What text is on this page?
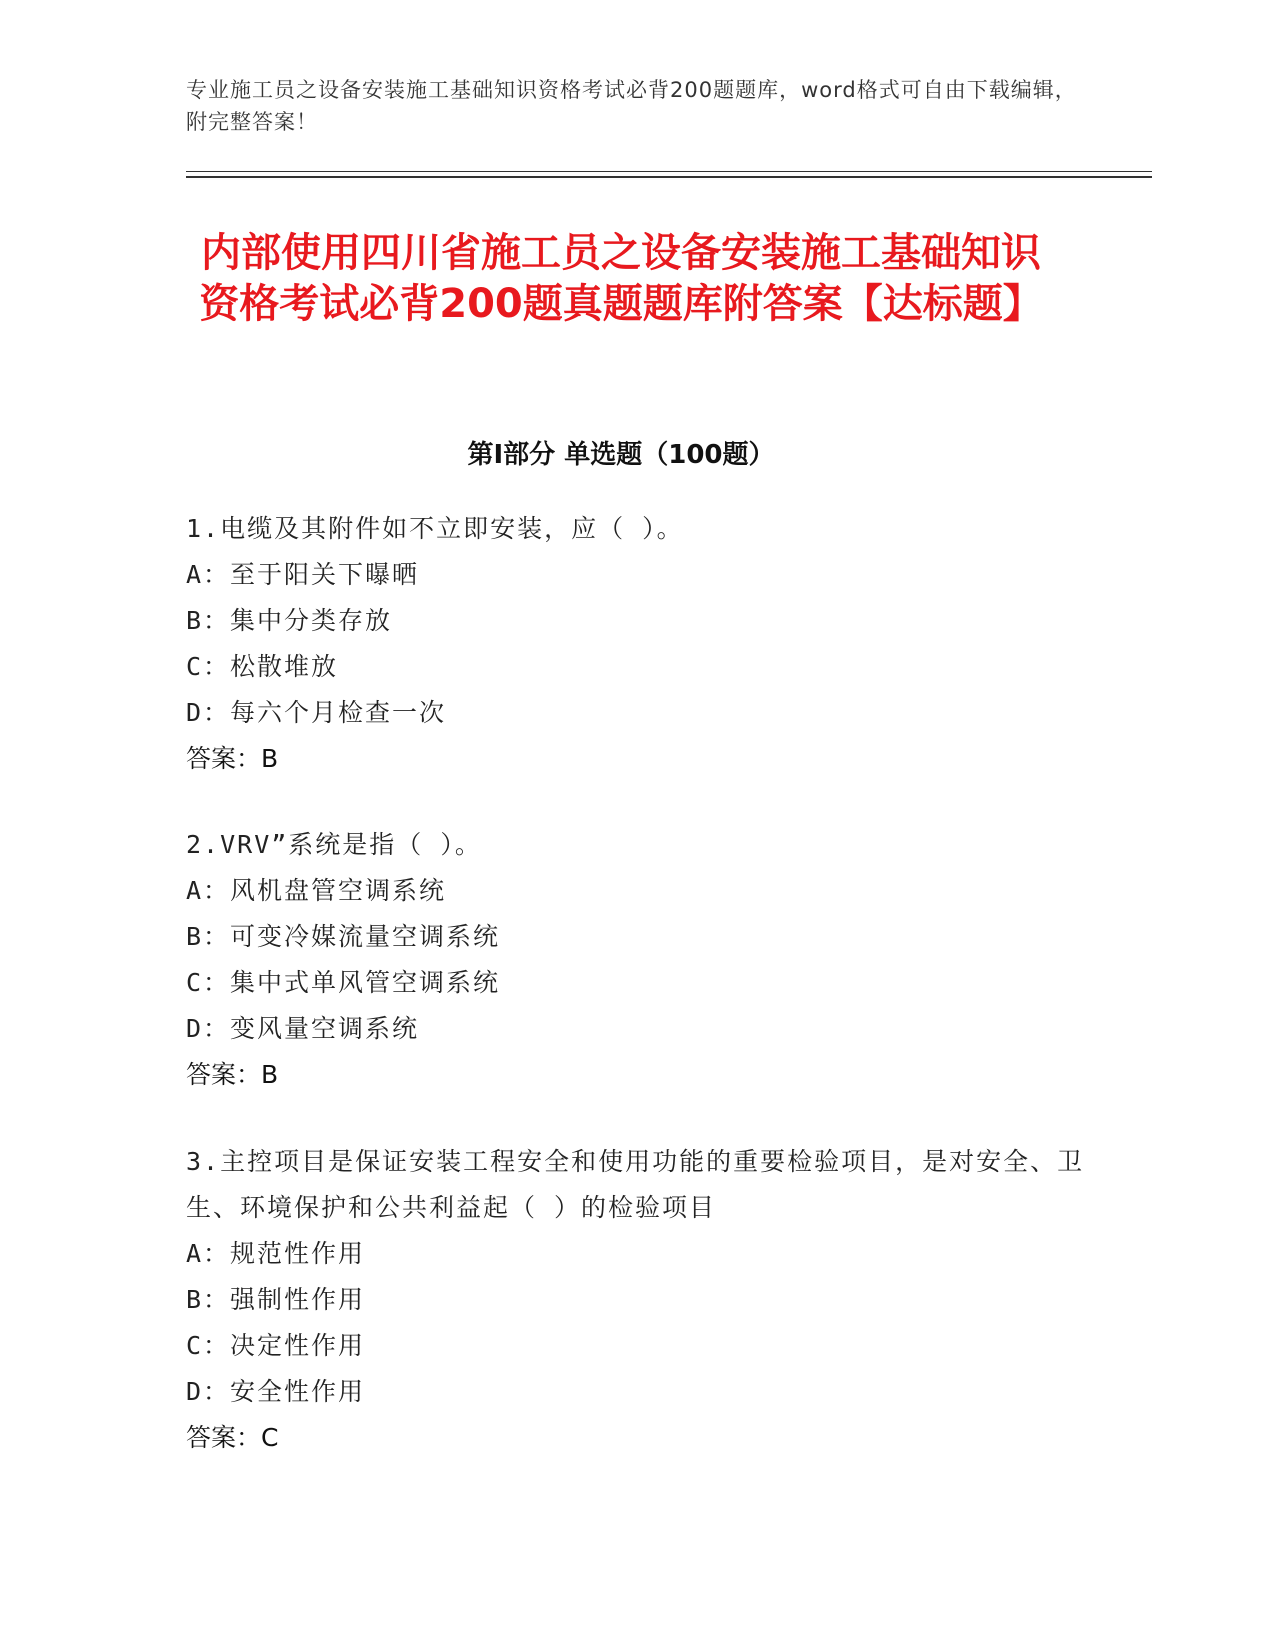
专业施工员之设备安装施工基础知识资格考试必背200题题库，word格式可自由下载编辑，附完整答案！

内部使用四川省施工员之设备安装施工基础知识资格考试必背200题真题题库附答案【达标题】
第Ⅰ部分 单选题（100题）

1.电缆及其附件如不立即安装，应（ ）。

A：至于阳关下曝晒

B：集中分类存放

C：松散堆放

D：每六个月检查一次

答案：B

2.VRV”系统是指（ ）。

A：风机盘管空调系统

B：可变冷媒流量空调系统

C：集中式单风管空调系统

D：变风量空调系统

答案：B

3.主控项目是保证安装工程安全和使用功能的重要检验项目，是对安全、卫生、环境保护和公共利益起（ ）的检验项目

A：规范性作用

B：强制性作用

C：决定性作用

D：安全性作用

答案：C
